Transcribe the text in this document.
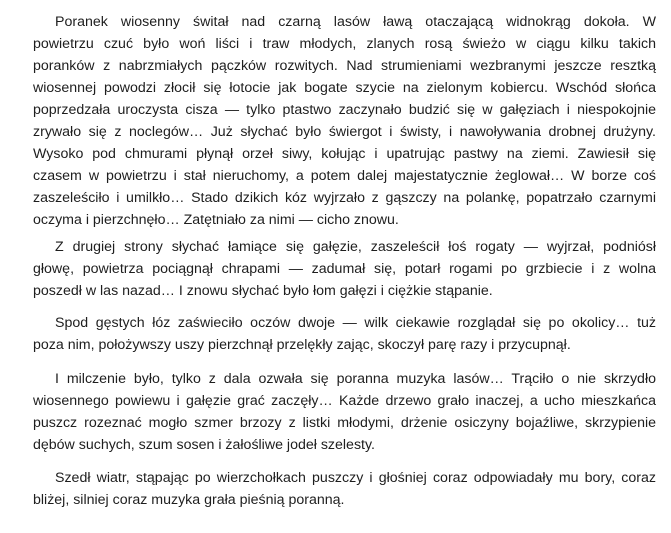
Poranek wiosenny świtał nad czarną lasów ławą otaczającą widnokrąg dokoła. W
powietrzu czuć było woń liści i traw młodych, zlanych rosą świeżo w ciągu kilku takich
poranków z nabrzmiałych pączków rozwitych. Nad strumieniami wezbranymi jeszcze resztką
wiosennej powodzi złocił się łotocie jak bogate szycie na zielonym kobiercu. Wschód słońca
poprzedzała uroczysta cisza — tylko ptastwo zaczynało budzić się w gałęziach i niespokojnie
zrywało się z noclegów… Już słychać było świergot i świsty, i nawoływania drobnej drużyny.
Wysoko pod chmurami płynął orzeł siwy, kołując i upatrując pastwy na ziemi. Zawiesił się
czasem w powietrzu i stał nieruchomy, a potem dalej majestatycznie żeglował… W borze coś
zaszeleściło i umilkło… Stado dzikich kóz wyjrzało z gąszczy na polankę, popatrzało czarnymi
oczyma i pierzchnęło… Zatętniało za nimi — cicho znowu.
Z drugiej strony słychać łamiące się gałęzie, zaszeleścił łoś rogaty — wyjrzał, podniósł
głowę, powietrza pociągnął chrapami — zadumał się, potarł rogami po grzbiecie i z wolna
poszedł w las nazad… I znowu słychać było łom gałęzi i ciężkie stąpanie.
Spod gęstych łóz zaświeciło oczów dwoje — wilk ciekawie rozglądał się po okolicy… tuż
poza nim, położywszy uszy pierzchnął przelękły zając, skoczył parę razy i przycupnął.
I milczenie było, tylko z dala ozwała się poranna muzyka lasów… Trąciło o nie skrzydło
wiosennego powiewu i gałęzie grać zaczęły… Każde drzewo grało inaczej, a ucho mieszkańca
puszcz rozeznać mogło szmer brzozy z listki młodymi, drżenie osiczyny bojaźliwe, skrzypienie
dębów suchych, szum sosen i żałośliwe jodeł szelesty.
Szedł wiatr, stąpając po wierzchołkach puszczy i głośniej coraz odpowiadały mu bory, coraz
bliżej, silniej coraz muzyka grała pieśnią poranną.
